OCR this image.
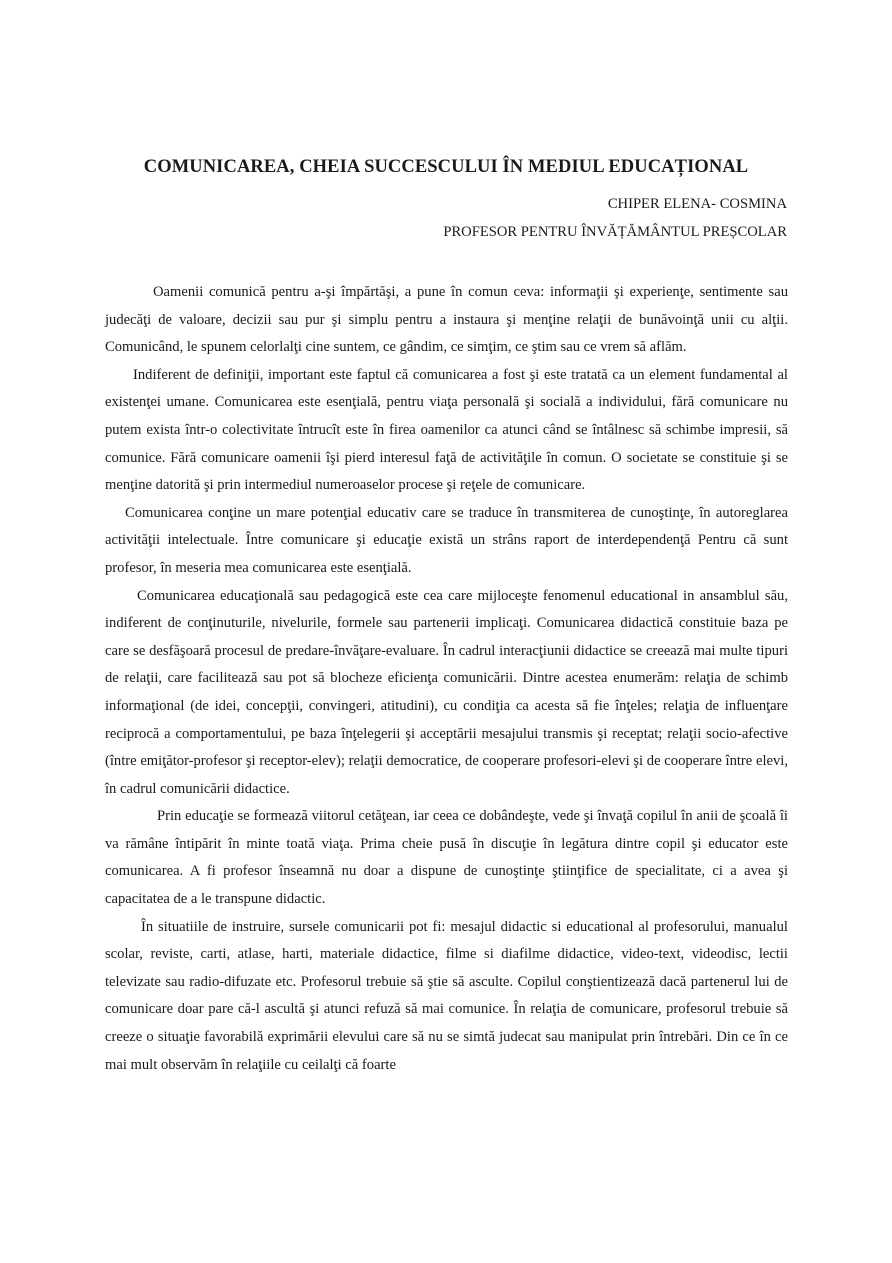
COMUNICAREA, CHEIA SUCCESCULUI ÎN MEDIUL EDUCAȚIONAL

CHIPER ELENA- COSMINA

PROFESOR PENTRU ÎNVĂȚĂMÂNTUL PREȘCOLAR

Oamenii comunică pentru a-şi împărtăşi, a pune în comun ceva: informaţii şi experienţe, sentimente sau judecăţi de valoare, decizii sau pur şi simplu pentru a instaura şi menţine relaţii de bunăvoinţă unii cu alţii. Comunicând, le spunem celorlalţi cine suntem, ce gândim, ce simţim, ce ştim sau ce vrem să aflăm.

Indiferent de definiţii, important este faptul că comunicarea a fost şi este tratată ca un element fundamental al existenţei umane. Comunicarea este esenţială, pentru viaţa personală şi socială a individului, fără comunicare nu putem exista într-o colectivitate întrucît este în firea oamenilor ca atunci când se întâlnesc să schimbe impresii, să comunice. Fără comunicare oamenii îşi pierd interesul faţă de activităţile în comun. O societate se constituie şi se menţine datorită şi prin intermediul numeroaselor procese şi reţele de comunicare.

Comunicarea conţine un mare potenţial educativ care se traduce în transmiterea de cunoştinţe, în autoreglarea activităţii intelectuale. Între comunicare şi educaţie există un strâns raport de interdependenţă Pentru că sunt profesor, în meseria mea comunicarea este esenţială.

Comunicarea educaţională sau pedagogică este cea care mijloceşte fenomenul educational in ansamblul său, indiferent de conţinuturile, nivelurile, formele sau partenerii implicaţi. Comunicarea didactică constituie baza pe care se desfăşoară procesul de predare-învăţare-evaluare. În cadrul interacţiunii didactice se creează mai multe tipuri de relaţii, care facilitează sau pot să blocheze eficienţa comunicării. Dintre acestea enumerăm: relaţia de schimb informaţional (de idei, concepţii, convingeri, atitudini), cu condiţia ca acesta să fie înţeles; relaţia de influenţare reciprocă a comportamentului, pe baza înţelegerii şi acceptării mesajului transmis şi receptat; relaţii socio-afective (între emiţător-profesor şi receptor-elev); relaţii democratice, de cooperare profesori-elevi şi de cooperare între elevi, în cadrul comunicării didactice.

Prin educaţie se formează viitorul cetăţean, iar ceea ce dobândeşte, vede şi învaţă copilul în anii de şcoală îi va rămâne întipărit în minte toată viaţa. Prima cheie pusă în discuţie în legătura dintre copil şi educator este comunicarea. A fi profesor înseamnă nu doar a dispune de cunoştinţe ştiinţifice de specialitate, ci a avea şi capacitatea de a le transpune didactic.

În situatiile de instruire, sursele comunicarii pot fi: mesajul didactic si educational al profesorului, manualul scolar, reviste, carti, atlase, harti, materiale didactice, filme si diafilme didactice, video-text, videodisc, lectii televizate sau radio-difuzate etc. Profesorul trebuie să ştie să asculte. Copilul conştientizează dacă partenerul lui de comunicare doar pare că-l ascultă şi atunci refuză să mai comunice. În relaţia de comunicare, profesorul trebuie să creeze o situaţie favorabilă exprimării elevului care să nu se simtă judecat sau manipulat prin întrebări. Din ce în ce mai mult observăm în relaţiile cu ceilalţi că foarte
